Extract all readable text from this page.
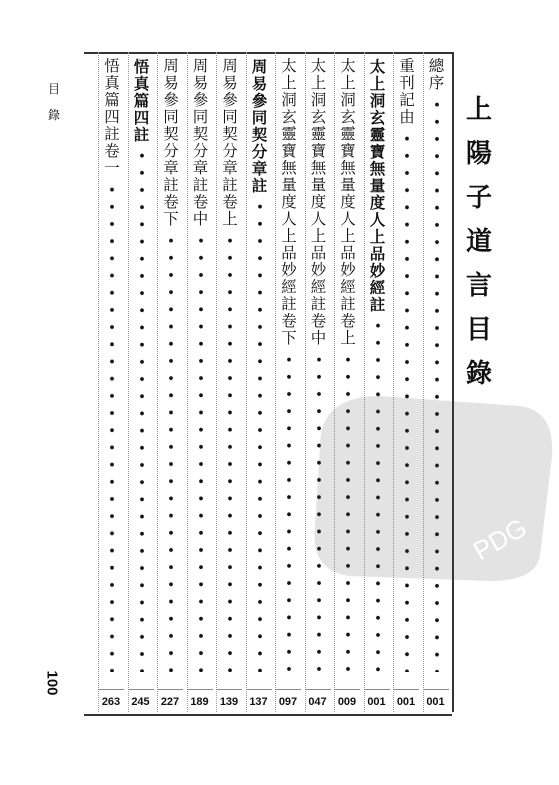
目錄
100
上陽子道言目錄
總序
001
重刊記由
001
太上洞玄靈寶無量度人上品妙經註
001
太上洞玄靈寶無量度人上品妙經註卷上
009
太上洞玄靈寶無量度人上品妙經註卷中
047
太上洞玄靈寶無量度人上品妙經註卷下
097
周易參同契分章註
137
周易參同契分章註卷上
139
周易參同契分章註卷中
189
周易參同契分章註卷下
227
悟真篇四註
245
悟真篇四註卷一
263
PDG
